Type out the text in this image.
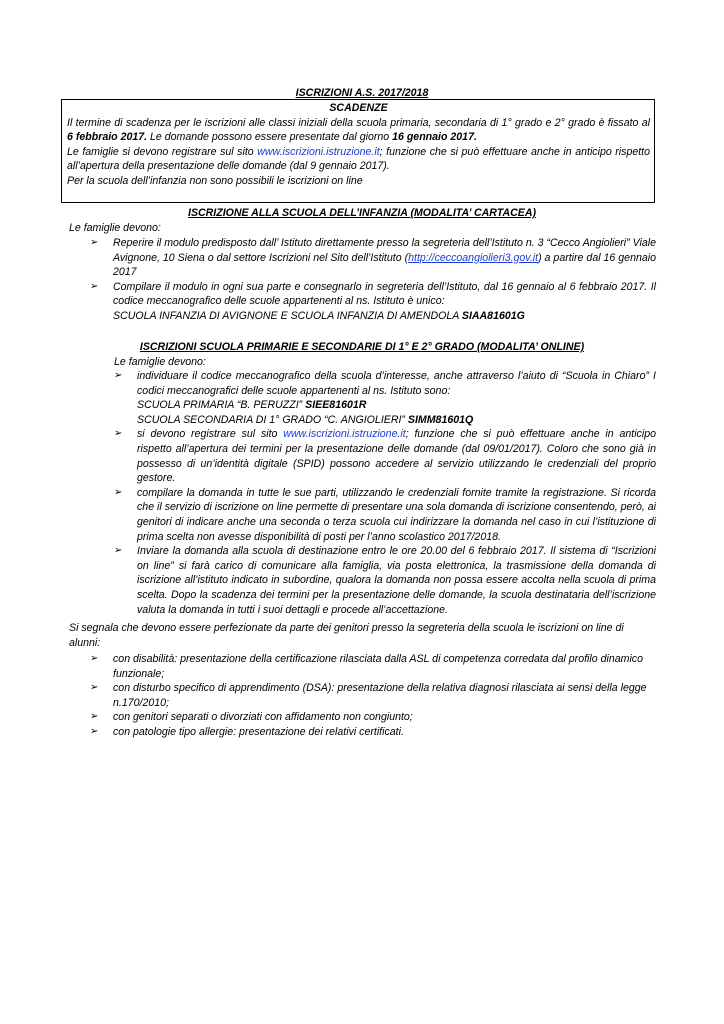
ISCRIZIONI A.S. 2017/2018
SCADENZE
Il termine di scadenza per le iscrizioni alle classi iniziali della scuola primaria, secondaria di 1° grado e 2° grado è fissato al 6 febbraio 2017. Le domande possono essere presentate dal giorno 16 gennaio 2017.
Le famiglie si devono registrare sul sito www.iscrizioni.istruzione.it; funzione che si può effettuare anche in anticipo rispetto all’apertura della presentazione delle domande (dal 9 gennaio 2017).
Per la scuola dell’infanzia non sono possibili le iscrizioni on line
ISCRIZIONE ALLA SCUOLA DELL’INFANZIA (MODALITA’ CARTACEA)
Le famiglie devono:
➢ Reperire il modulo predisposto dall’ Istituto direttamente presso la segreteria dell’Istituto n. 3 “Cecco Angiolieri” Viale Avignone, 10 Siena o dal settore Iscrizioni nel Sito dell’Istituto (http://ceccoangiolieri3.gov.it) a partire dal 16 gennaio 2017
➢ Compilare il modulo in ogni sua parte e consegnarlo in segreteria dell’Istituto, dal 16 gennaio al 6 febbraio 2017. Il codice meccanografico delle scuole appartenenti al ns. Istituto è unico:
SCUOLA INFANZIA DI AVIGNONE E SCUOLA INFANZIA DI AMENDOLA SIAA81601G
ISCRIZIONI SCUOLA PRIMARIE E SECONDARIE DI 1° E 2° GRADO (MODALITA’ ONLINE)
Le famiglie devono:
➢ individuare il codice meccanografico della scuola d’interesse, anche attraverso l’aiuto di “Scuola in Chiaro” I codici meccanografici delle scuole appartenenti al ns. Istituto sono:
SCUOLA PRIMARIA “B. PERUZZI” SIEE81601R
SCUOLA SECONDARIA DI 1° GRADO “C. ANGIOLIERI” SIMM81601Q
➢ si devono registrare sul sito www.iscrizioni.istruzione.it; funzione che si può effettuare anche in anticipo rispetto all’apertura dei termini per la presentazione delle domande (dal 09/01/2017). Coloro che sono già in possesso di un’identità digitale (SPID) possono accedere al servizio utilizzando le credenziali del proprio gestore.
➢ compilare la domanda in tutte le sue parti, utilizzando le credenziali fornite tramite la registrazione. Si ricorda che il servizio di iscrizione on line permette di presentare una sola domanda di iscrizione consentendo, però, ai genitori di indicare anche una seconda o terza scuola cui indirizzare la domanda nel caso in cui l’istituzione di prima scelta non avesse disponibilità di posti per l’anno scolastico 2017/2018.
➢ Inviare la domanda alla scuola di destinazione entro le ore 20.00 del 6 febbraio 2017. Il sistema di “Iscrizioni on line” si farà carico di comunicare alla famiglia, via posta elettronica, la trasmissione della domanda di iscrizione all’istituto indicato in subordine, qualora la domanda non possa essere accolta nella scuola di prima scelta. Dopo la scadenza dei termini per la presentazione delle domande, la scuola destinataria dell’iscrizione valuta la domanda in tutti i suoi dettagli e procede all’accettazione.
Si segnala che devono essere perfezionate da parte dei genitori presso la segreteria della scuola le iscrizioni on line di alunni:
➢ con disabilità: presentazione della certificazione rilasciata dalla ASL di competenza corredata dal profilo dinamico funzionale;
➢ con disturbo specifico di apprendimento (DSA): presentazione della relativa diagnosi rilasciata ai sensi della legge n.170/2010;
➢ con genitori separati o divorziati con affidamento non congiunto;
➢ con patologie tipo allergie: presentazione dei relativi certificati.
